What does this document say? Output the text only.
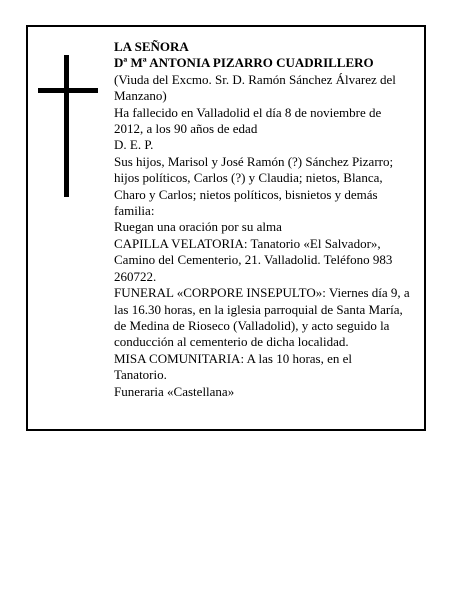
LA SEÑORA

Dª Mª ANTONIA PIZARRO CUADRILLERO

(Viuda del Excmo. Sr. D. Ramón Sánchez Álvarez del

Manzano)

Ha fallecido en Valladolid el día 8 de noviembre de

2012, a los 90 años de edad

D. E. P.

Sus hijos, Marisol y José Ramón (?) Sánchez Pizarro;

hijos políticos, Carlos (?) y Claudia; nietos, Blanca,

Charo y Carlos; nietos políticos, bisnietos y demás

familia:

Ruegan una oración por su alma

CAPILLA VELATORIA: Tanatorio «El Salvador»,

Camino del Cementerio, 21. Valladolid. Teléfono 983

260722.

FUNERAL «CORPORE INSEPULTO»: Viernes día 9, a

las 16.30 horas, en la iglesia parroquial de Santa María,

de Medina de Rioseco (Valladolid), y acto seguido la

conducción al cementerio de dicha localidad.

MISA COMUNITARIA: A las 10 horas, en el

Tanatorio.

Funeraria «Castellana»
